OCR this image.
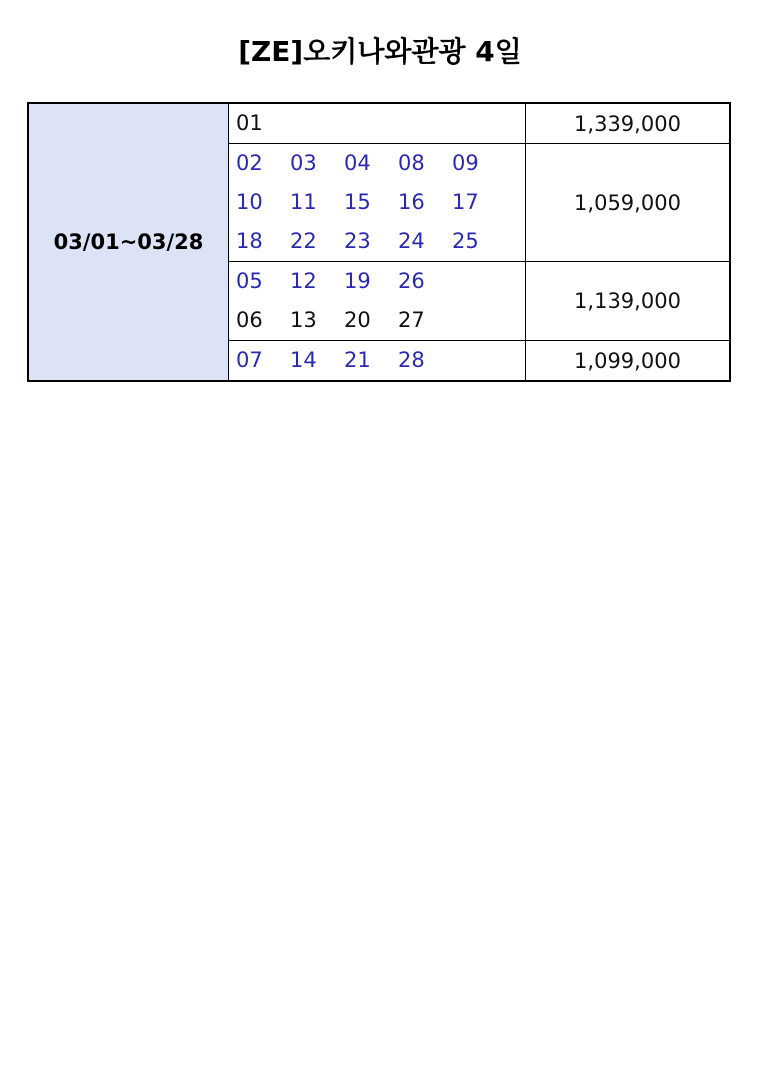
[ZE]오키나와관광 4일
03/01~03/28	01	1,339,000

	02 03 04 08 09
10 11 15 16 17
18 22 23 24 25	1,059,000

	05 12 19 26
06 13 20 27	1,139,000

	07 14 21 28	1,099,000
